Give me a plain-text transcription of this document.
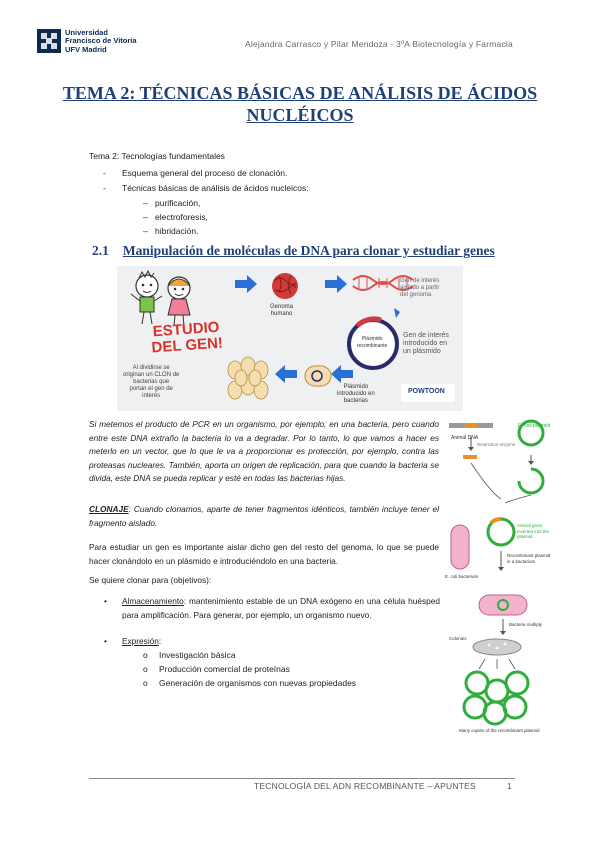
Universidad
Francisco de Vitoria
UFV Madrid
Alejandra Carrasco y Pilar Mendoza - 3ºA Biotecnología y Farmacia
TEMA 2: TÉCNICAS BÁSICAS DE ANÁLISIS DE ÁCIDOS
NUCLÉICOS
Tema 2: Tecnologías fundamentales
- Esquema general del proceso de clonación.
- Técnicas básicas de análisis de ácidos nucleicos:
– purificación,
– electroforesis,
– hibridación.
2.1 Manipulación de moléculas de DNA para clonar y estudiar genes
Genoma
humano
Gen de interés
aislado a partir
del genoma
Plásmido
recombinante
Gen de interés
introducido en
un plásmido
ESTUDIO
DEL GEN!
Al dividirse se
originan un CLON de
bacterias que
portan el gen de
interés
Plásmido
introducido en
bacterias
POWTOON
Si metemos el producto de PCR en un organismo, por ejemplo, en una bacteria, pero cuando entre este DNA extraño la bacteria lo va a degradar. Por lo tanto, lo que vamos a hacer es meterlo en un vector, que lo que le va a proporcionar es protección, por ejemplo, contra las proteasas nucleares. También, aporta un origen de replicación, para que cuando la bacteria se divida, este DNA se pueda replicar y esté en todas las bacterias hijas.
CLONAJE: Cuando clonamos, aparte de tener fragmentos idénticos, también incluye tener el fragmento aislado.
Para estudiar un gen es importante aislar dicho gen del resto del genoma, lo que se puede hacer clonándolo en un plásmido e introduciéndolo en una bacteria.
Se quiere clonar para (objetivos):
• Almacenamiento: mantenimiento estable de un DNA exógeno en una célula huésped para amplificación. Para generar, por ejemplo, un organismo nuevo.
• Expresión:
o Investigación básica
o Producción comercial de proteínas
o Generación de organismos con nuevas propiedades
Animal DNA
Restriction enzyme
E. coli plasmid
Animal gene inserted into the plasmid
E. coli bacterium
Recombinant plasmid in a bacterium
Bacteria multiply
Colonies
Many copies of the recombinant plasmid
TECNOLOGÍA DEL ADN RECOMBINANTE – APUNTES	1
